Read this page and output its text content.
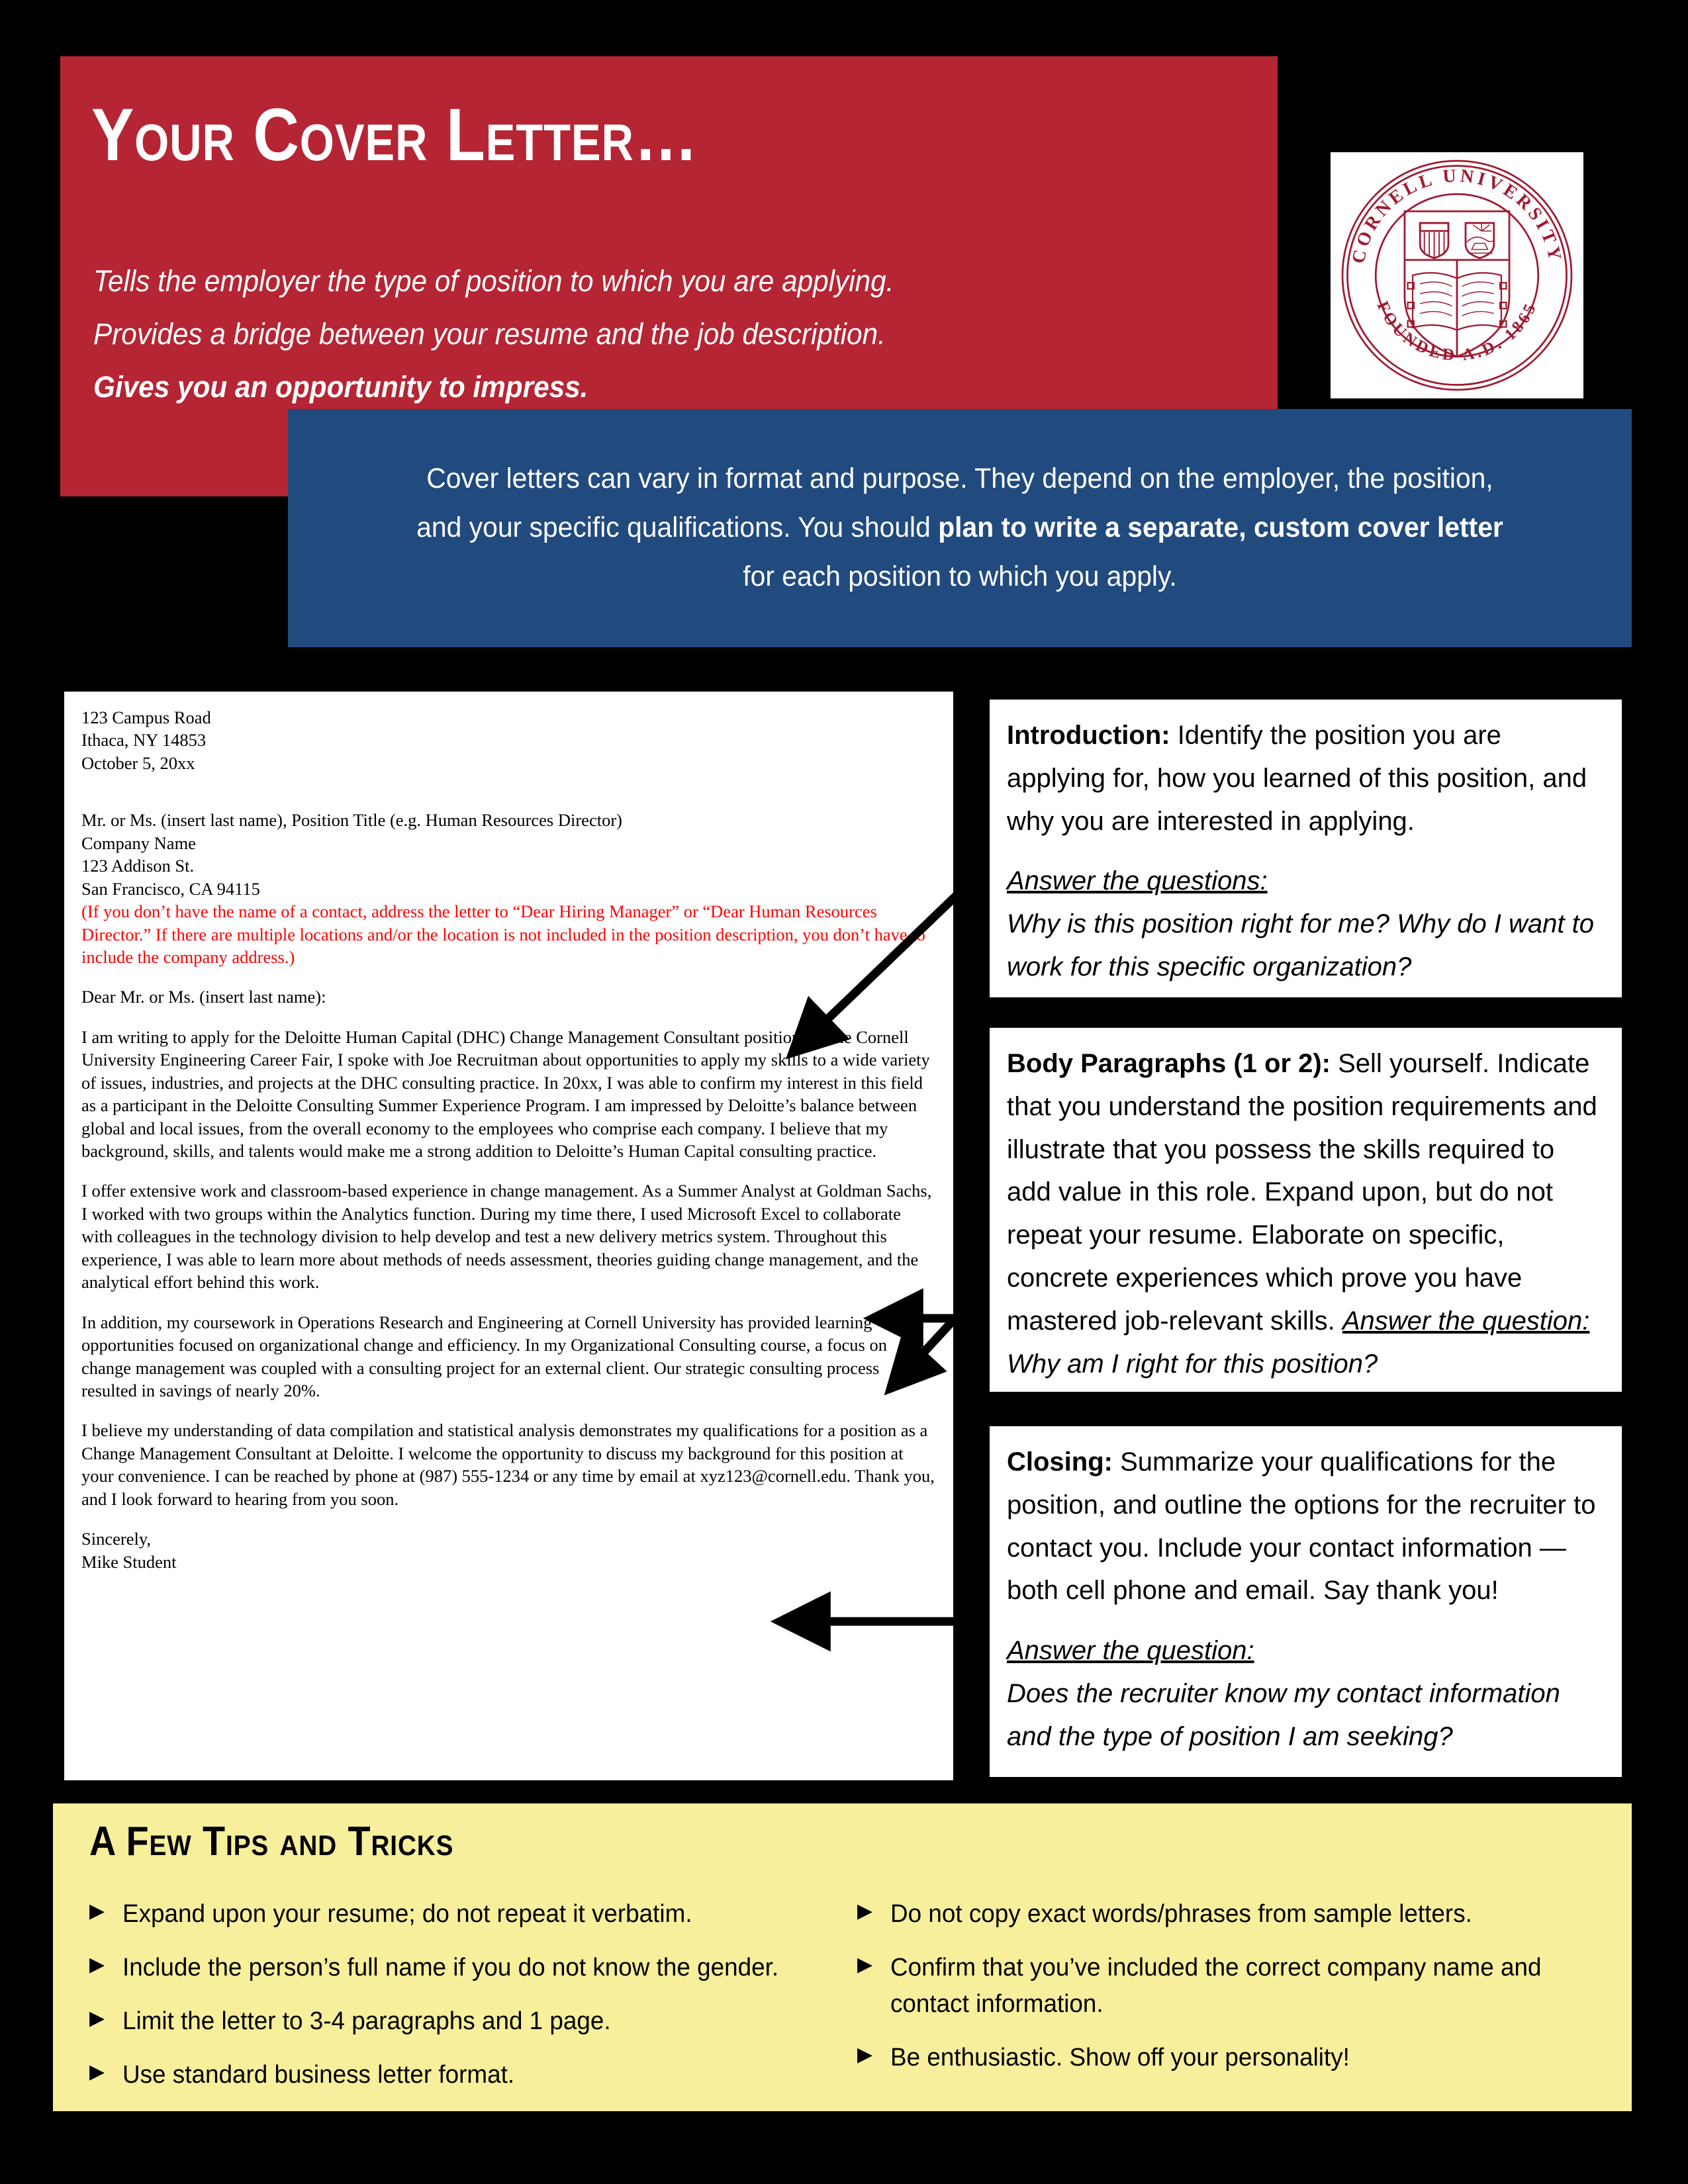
Your Cover Letter…
Tells the employer the type of position to which you are applying.
Provides a bridge between your resume and the job description.
Gives you an opportunity to impress.
CORNELL UNIVERSITY
FOUNDED A.D. 1865
Cover letters can vary in format and purpose. They depend on the employer, the position, and your specific qualifications. You should plan to write a separate, custom cover letter for each position to which you apply.

123 Campus Road

Ithaca, NY 14853

October 5, 20xx

Mr. or Ms. (insert last name), Position Title (e.g. Human Resources Director)

Company Name

123 Addison St.

San Francisco, CA 94115

(If you don’t have the name of a contact, address the letter to “Dear Hiring Manager” or “Dear Human Resources Director.” If there are multiple locations and/or the location is not included in the position description, you don’t have to include the company address.)

Dear Mr. or Ms. (insert last name):

I am writing to apply for the Deloitte Human Capital (DHC) Change Management Consultant position. At the Cornell University Engineering Career Fair, I spoke with Joe Recruitman about opportunities to apply my skills to a wide variety of issues, industries, and projects at the DHC consulting practice. In 20xx, I was able to confirm my interest in this field as a participant in the Deloitte Consulting Summer Experience Program. I am impressed by Deloitte’s balance between global and local issues, from the overall economy to the employees who comprise each company. I believe that my background, skills, and talents would make me a strong addition to Deloitte’s Human Capital consulting practice.

I offer extensive work and classroom-based experience in change management. As a Summer Analyst at Goldman Sachs, I worked with two groups within the Analytics function. During my time there, I used Microsoft Excel to collaborate with colleagues in the technology division to help develop and test a new delivery metrics system. Throughout this experience, I was able to learn more about methods of needs assessment, theories guiding change management, and the analytical effort behind this work.

In addition, my coursework in Operations Research and Engineering at Cornell University has provided learning opportunities focused on organizational change and efficiency. In my Organizational Consulting course, a focus on change management was coupled with a consulting project for an external client. Our strategic consulting process resulted in savings of nearly 20%.

I believe my understanding of data compilation and statistical analysis demonstrates my qualifications for a position as a Change Management Consultant at Deloitte. I welcome the opportunity to discuss my background for this position at your convenience. I can be reached by phone at (987) 555-1234 or any time by email at xyz123@cornell.edu. Thank you, and I look forward to hearing from you soon.

Sincerely,

Mike Student

Introduction: Identify the position you are applying for, how you learned of this position, and why you are interested in applying.

Answer the questions:

Why is this position right for me? Why do I want to work for this specific organization?

Body Paragraphs (1 or 2): Sell yourself. Indicate that you understand the position requirements and illustrate that you possess the skills required to add value in this role. Expand upon, but do not repeat your resume. Elaborate on specific, concrete experiences which prove you have mastered job-relevant skills. Answer the question: Why am I right for this position?

Closing: Summarize your qualifications for the position, and outline the options for the recruiter to contact you. Include your contact information — both cell phone and email. Say thank you!

Answer the question:

Does the recruiter know my contact information and the type of position I am seeking?

A Few Tips and Tricks
▶ Expand upon your resume; do not repeat it verbatim.
▶ Include the person’s full name if you do not know the gender.
▶ Limit the letter to 3-4 paragraphs and 1 page.
▶ Use standard business letter format.
▶ Do not copy exact words/phrases from sample letters.
▶ Confirm that you’ve included the correct company name and contact information.
▶ Be enthusiastic. Show off your personality!
